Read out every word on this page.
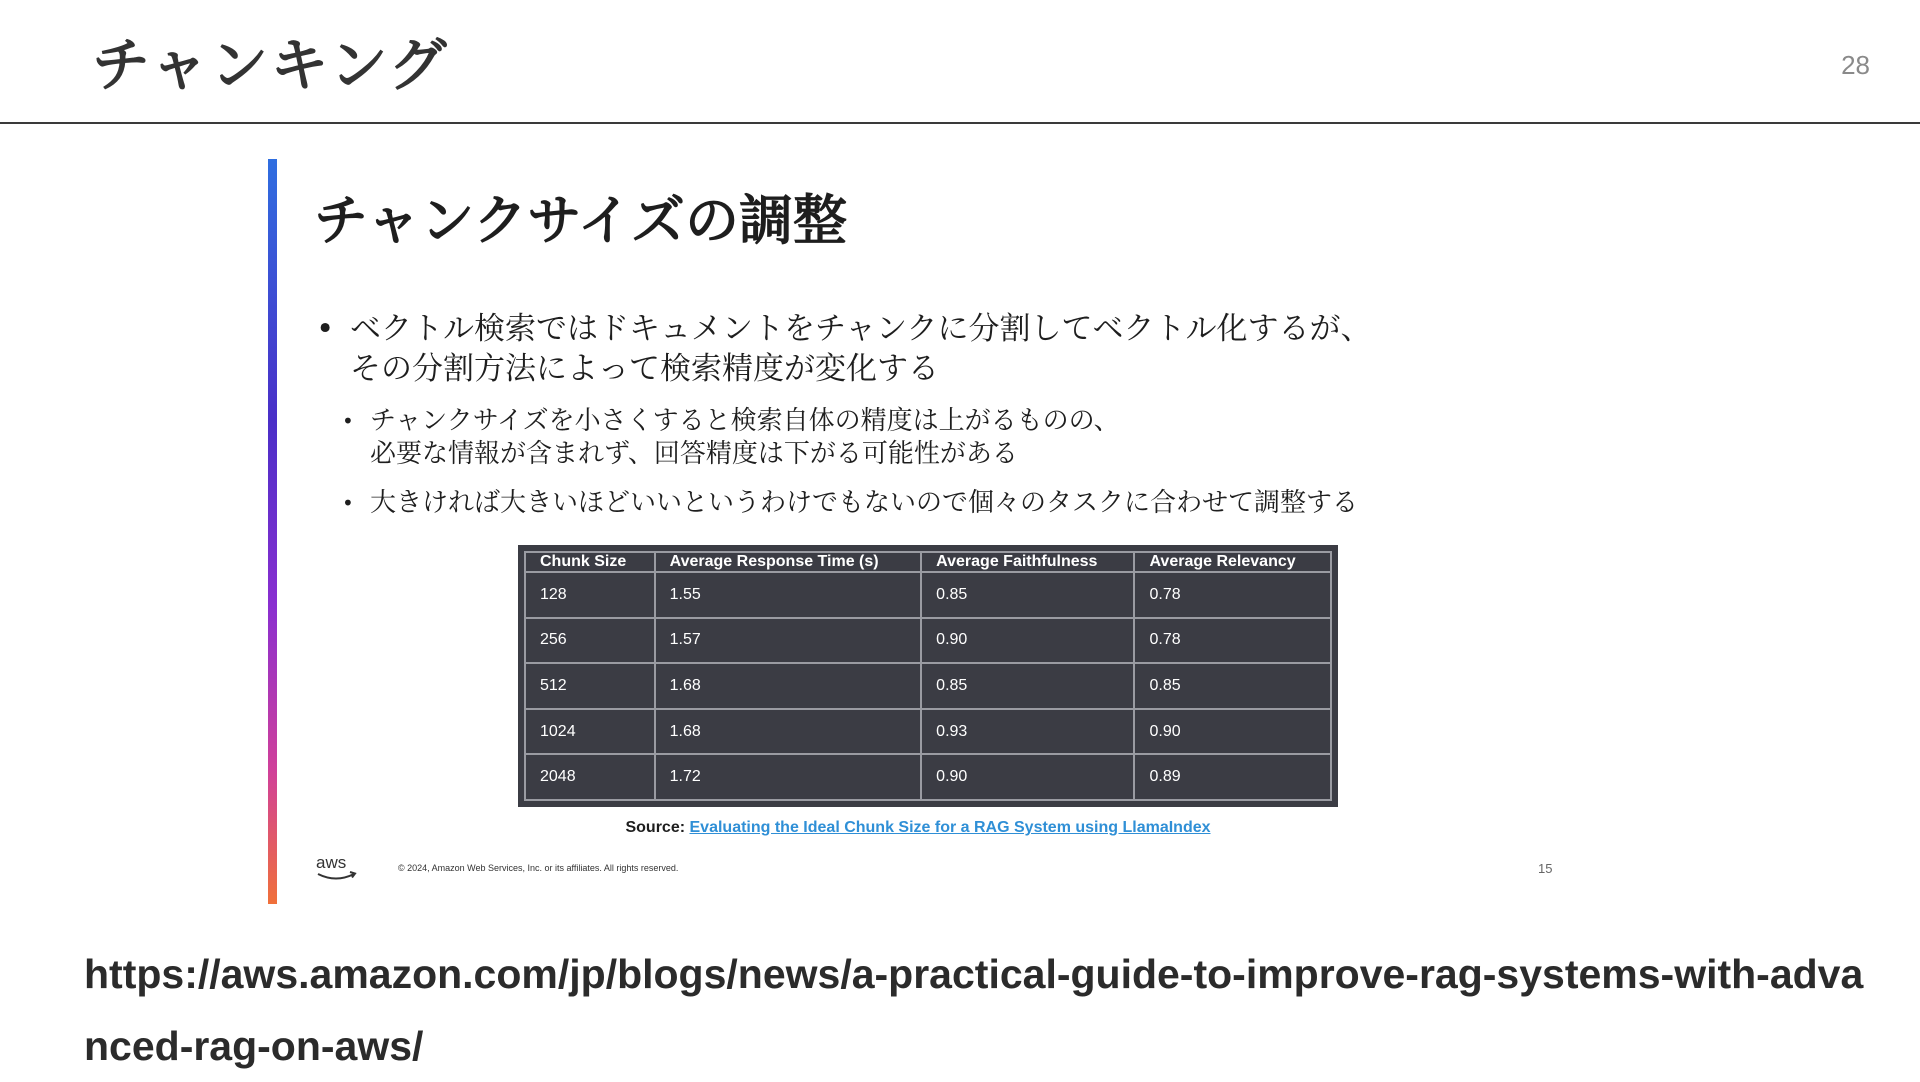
チャンキング	28
チャンクサイズの調整
• ベクトル検索ではドキュメントをチャンクに分割してベクトル化するが、
その分割方法によって検索精度が変化する
• チャンクサイズを小さくすると検索自体の精度は上がるものの、
必要な情報が含まれず、回答精度は下がる可能性がある
• 大きければ大きいほどいいというわけでもないので個々のタスクに合わせて調整する
Chunk Size	Average Response Time (s)	Average Faithfulness	Average Relevancy
128	1.55	0.85	0.78
256	1.57	0.90	0.78
512	1.68	0.85	0.85
1024	1.68	0.93	0.90
2048	1.72	0.90	0.89
Source: Evaluating the Ideal Chunk Size for a RAG System using LlamaIndex
aws	© 2024, Amazon Web Services, Inc. or its affiliates. All rights reserved.	15
https://aws.amazon.com/jp/blogs/news/a-practical-guide-to-improve-rag-systems-with-advanced-rag-on-aws/
